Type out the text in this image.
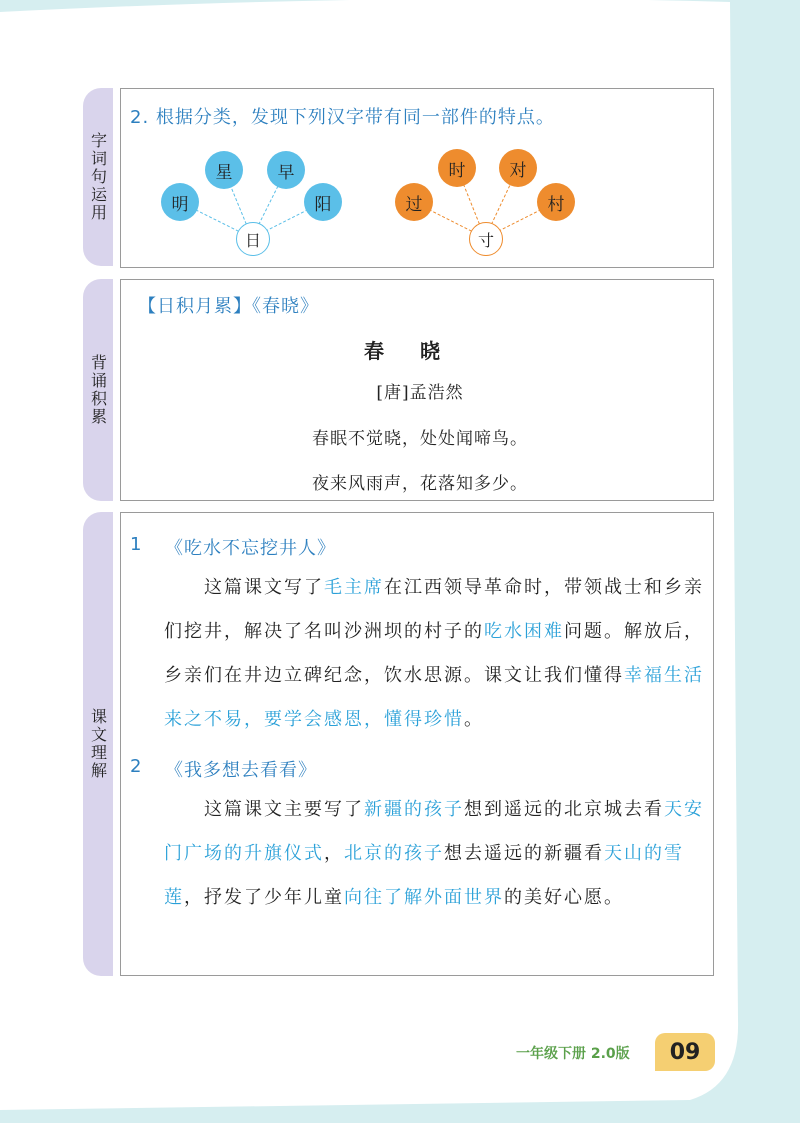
字词句运用
2. 根据分类，发现下列汉字带有同一部件的特点。
明
星	早
阳
日
过
时	对
村
寸
背诵积累
【日积月累】《春晓》
春晓
[唐]孟浩然
春眠不觉晓，处处闻啼鸟。
夜来风雨声，花落知多少。
课文理解
1 《吃水不忘挖井人》
这篇课文写了毛主席在江西领导革命时，带领战士和乡亲们挖井，解决了名叫沙洲坝的村子的吃水困难问题。解放后，乡亲们在井边立碑纪念，饮水思源。课文让我们懂得幸福生活来之不易，要学会感恩，懂得珍惜。
2 《我多想去看看》
这篇课文主要写了新疆的孩子想到遥远的北京城去看天安门广场的升旗仪式，北京的孩子想去遥远的新疆看天山的雪莲，抒发了少年儿童向往了解外面世界的美好心愿。
一年级下册 2.0版	09
